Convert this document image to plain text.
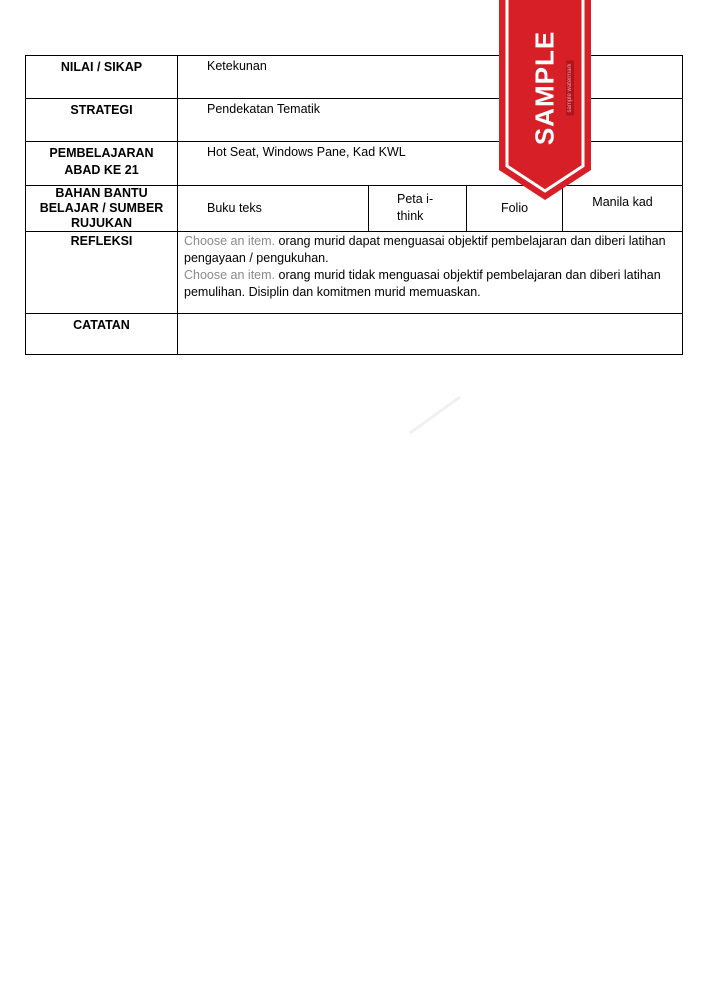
NILAI / SIKAP	Ketekunan			
STRATEGI	Pendekatan Tematik			

PEMBELAJARAN
ABAD KE 21	Hot Seat, Windows Pane, Kad KWL			

BAHAN BANTU
BELAJAR / SUMBER
RUJUKAN	Buku teks	Peta i-think	Folio	Manila kad
REFLEKSI	Choose an item. orang murid dapat menguasai objektif pembelajaran dan diberi latihan pengayaan / pengukuhan.
Choose an item. orang murid tidak menguasai objektif pembelajaran dan diberi latihan pemulihan. Disiplin dan komitmen murid memuaskan.			

CATATAN				
SAMPLE sample watermark
